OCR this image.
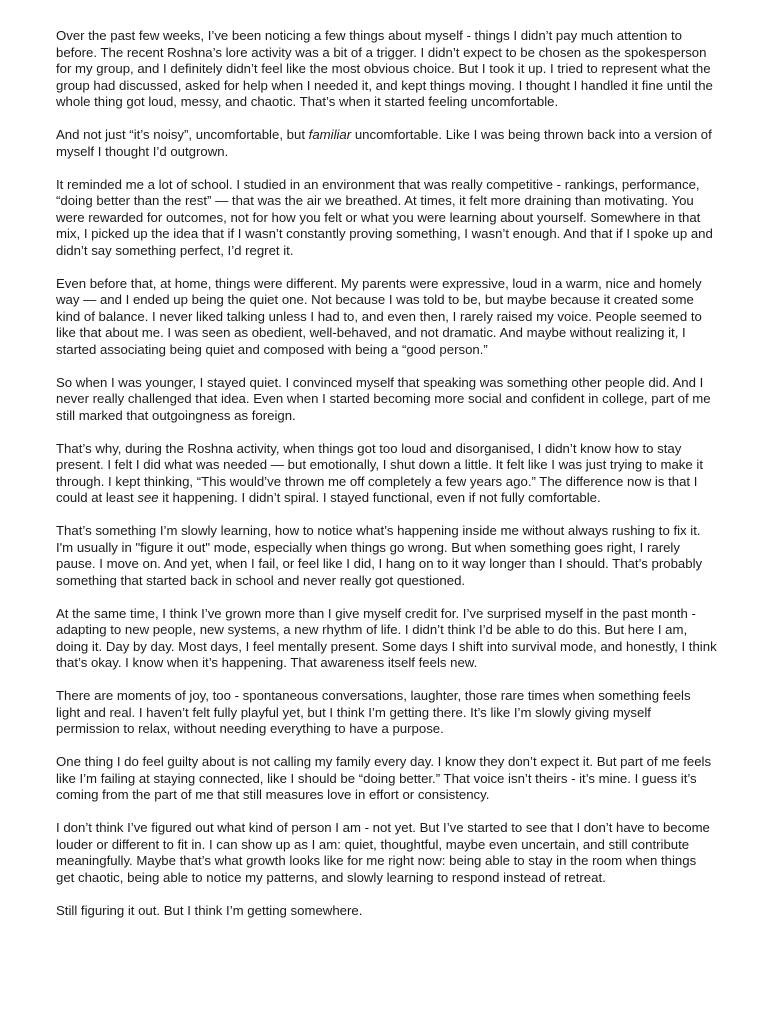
Over the past few weeks, I’ve been noticing a few things about myself - things I didn’t pay much attention to before. The recent Roshna’s lore activity was a bit of a trigger. I didn’t expect to be chosen as the spokesperson for my group, and I definitely didn’t feel like the most obvious choice. But I took it up. I tried to represent what the group had discussed, asked for help when I needed it, and kept things moving. I thought I handled it fine until the whole thing got loud, messy, and chaotic. That’s when it started feeling uncomfortable.

And not just “it’s noisy”, uncomfortable, but familiar uncomfortable. Like I was being thrown back into a version of myself I thought I’d outgrown.

It reminded me a lot of school. I studied in an environment that was really competitive - rankings, performance, “doing better than the rest” — that was the air we breathed. At times, it felt more draining than motivating. You were rewarded for outcomes, not for how you felt or what you were learning about yourself. Somewhere in that mix, I picked up the idea that if I wasn’t constantly proving something, I wasn’t enough. And that if I spoke up and didn’t say something perfect, I’d regret it.

Even before that, at home, things were different. My parents were expressive, loud in a warm, nice and homely way — and I ended up being the quiet one. Not because I was told to be, but maybe because it created some kind of balance. I never liked talking unless I had to, and even then, I rarely raised my voice. People seemed to like that about me. I was seen as obedient, well-behaved, and not dramatic. And maybe without realizing it, I started associating being quiet and composed with being a “good person.”

So when I was younger, I stayed quiet. I convinced myself that speaking was something other people did. And I never really challenged that idea. Even when I started becoming more social and confident in college, part of me still marked that outgoingness as foreign.

That’s why, during the Roshna activity, when things got too loud and disorganised, I didn’t know how to stay present. I felt I did what was needed — but emotionally, I shut down a little. It felt like I was just trying to make it through. I kept thinking, “This would’ve thrown me off completely a few years ago.” The difference now is that I could at least see it happening. I didn’t spiral. I stayed functional, even if not fully comfortable.

That’s something I’m slowly learning, how to notice what’s happening inside me without always rushing to fix it. I'm usually in "figure it out" mode, especially when things go wrong. But when something goes right, I rarely pause. I move on. And yet, when I fail, or feel like I did, I hang on to it way longer than I should. That’s probably something that started back in school and never really got questioned.

At the same time, I think I’ve grown more than I give myself credit for. I’ve surprised myself in the past month - adapting to new people, new systems, a new rhythm of life. I didn’t think I’d be able to do this. But here I am, doing it. Day by day. Most days, I feel mentally present. Some days I shift into survival mode, and honestly, I think that’s okay. I know when it’s happening. That awareness itself feels new.

There are moments of joy, too - spontaneous conversations, laughter, those rare times when something feels light and real. I haven’t felt fully playful yet, but I think I’m getting there. It’s like I’m slowly giving myself permission to relax, without needing everything to have a purpose.

One thing I do feel guilty about is not calling my family every day. I know they don’t expect it. But part of me feels like I’m failing at staying connected, like I should be “doing better.” That voice isn’t theirs - it’s mine. I guess it’s coming from the part of me that still measures love in effort or consistency.

I don’t think I’ve figured out what kind of person I am - not yet. But I’ve started to see that I don’t have to become louder or different to fit in. I can show up as I am: quiet, thoughtful, maybe even uncertain, and still contribute meaningfully. Maybe that’s what growth looks like for me right now: being able to stay in the room when things get chaotic, being able to notice my patterns, and slowly learning to respond instead of retreat.

Still figuring it out. But I think I’m getting somewhere.
